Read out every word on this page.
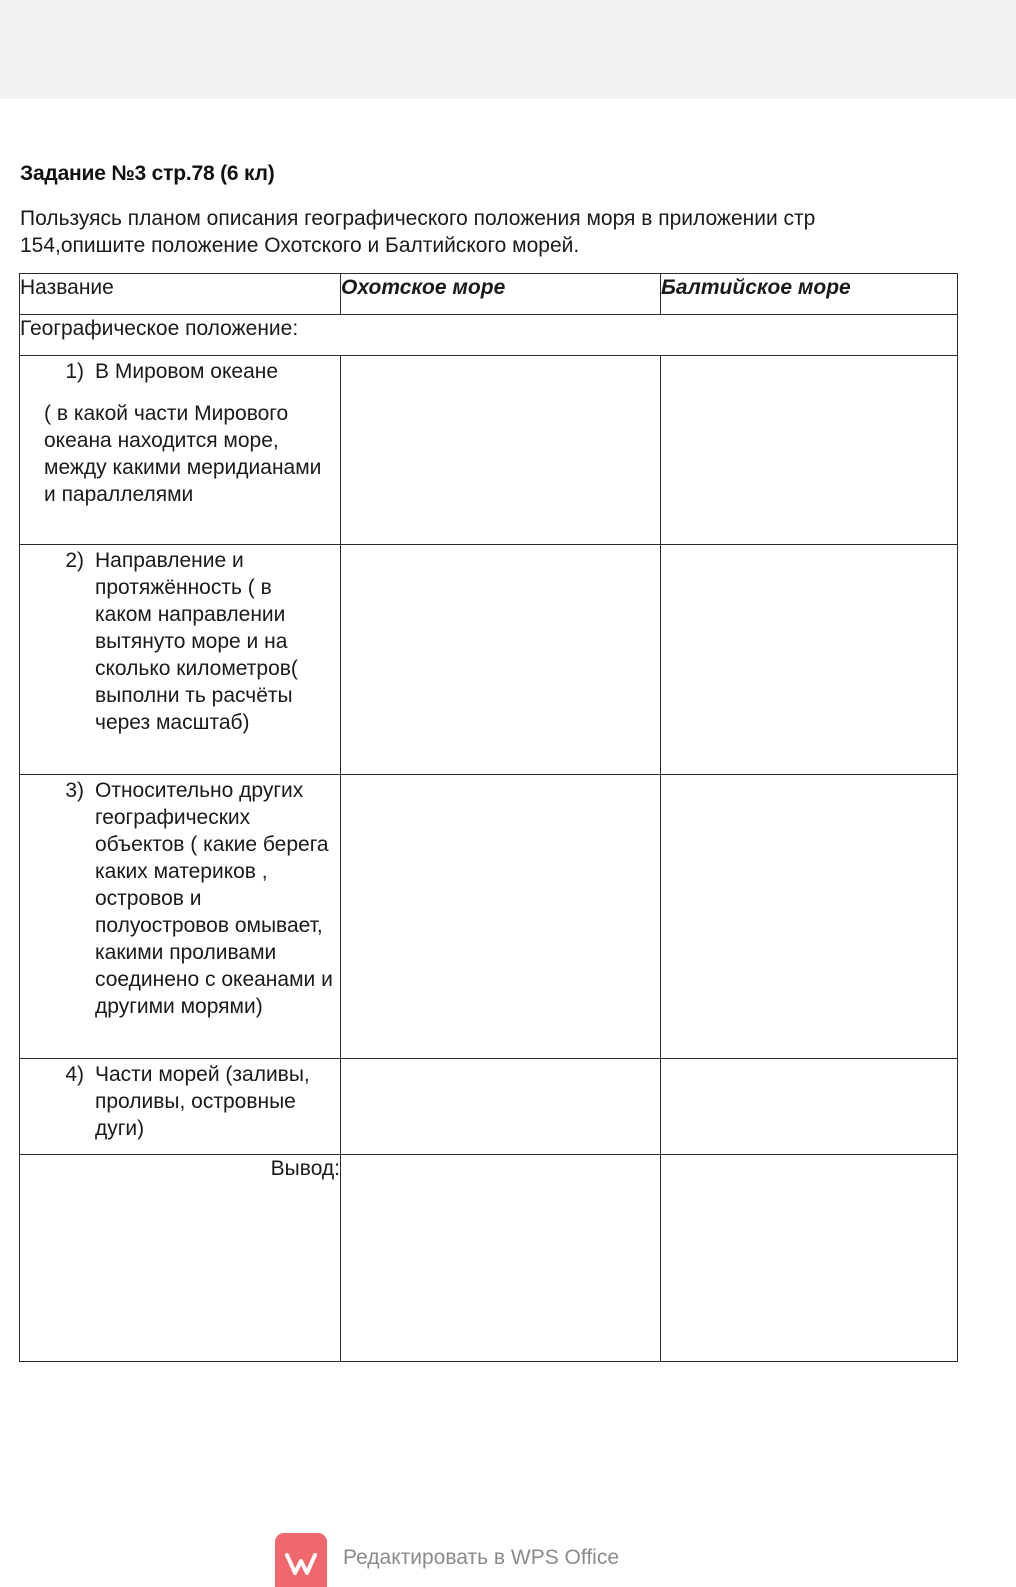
Задание №3 стр.78 (6 кл)

Пользуясь планом описания географического положения моря в приложении стр 154,опишите положение Охотского и Балтийского морей.

Название	Охотское море	Балтийское море
Географическое положение:		

1) В Мировом океане
( в какой части Мирового океана находится море, между какими меридианами и параллелями		

2) Направление и протяжённость ( в каком направлении вытянуто море и на сколько километров( выполни ть расчёты через масштаб)		

3) Относительно других географических объектов ( какие берега каких материков , островов и полуостровов омывает, какими проливами соединено с океанами и другими морями)		

4) Части морей (заливы, проливы, островные дуги)		

Вывод:		
Редактировать в WPS Office
